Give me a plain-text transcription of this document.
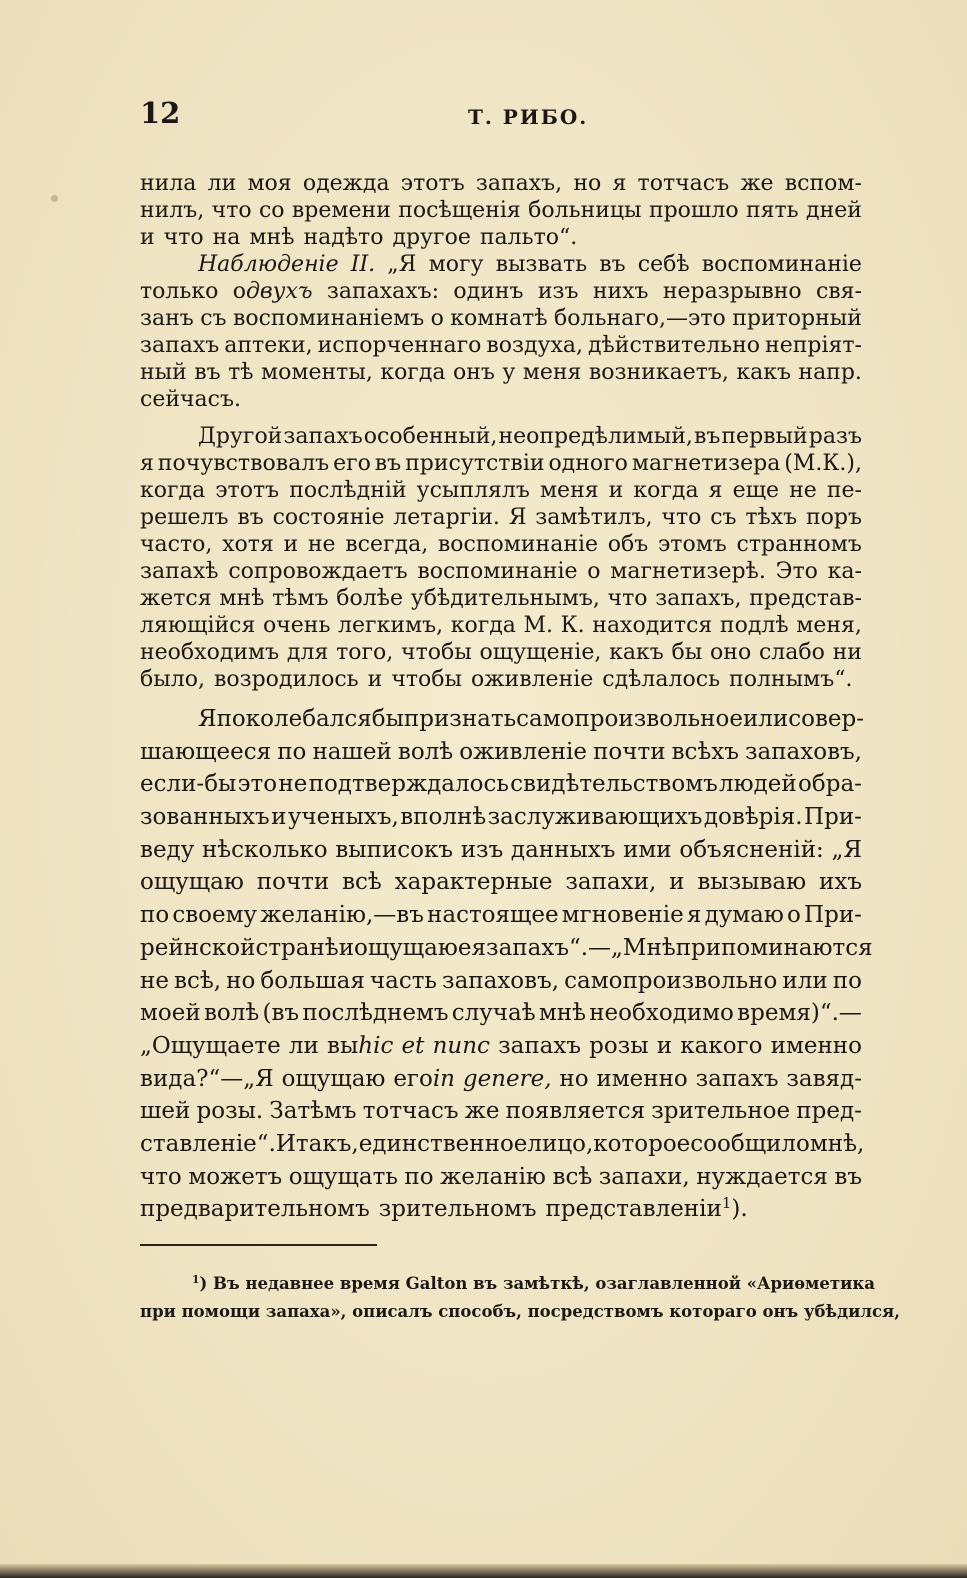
12	Т. РИБО.
нила ли моя одежда этотъ запахъ, но я тотчасъ же вспом-
нилъ, что со времени посѣщенія больницы прошло пять дней
и что на мнѣ надѣто другое пальто“.
Наблюденіе II. „Я могу вызвать въ себѣ воспоминаніе
только одвухъ запахахъ: одинъ изъ нихъ неразрывно свя-
занъ съ воспоминаніемъ о комнатѣ больнаго,—это приторный
запахъ аптеки, испорченнаго воздуха, дѣйствительно непріят-
ный въ тѣ моменты, когда онъ у меня возникаетъ, какъ напр.
сейчасъ.
Другой запахъ особенный, неопредѣлимый, въ первый разъ
я почувствовалъ его въ присутствіи одного магнетизера (М.К.),
когда этотъ послѣдній усыплялъ меня и когда я еще не пе-
решелъ въ состояніе летаргіи. Я замѣтилъ, что съ тѣхъ поръ
часто, хотя и не всегда, воспоминаніе объ этомъ странномъ
запахѣ сопровождаетъ воспоминаніе о магнетизерѣ. Это ка-
жется мнѣ тѣмъ болѣе убѣдительнымъ, что запахъ, представ-
ляющійся очень легкимъ, когда М. К. находится подлѣ меня,
необходимъ для того, чтобы ощущеніе, какъ бы оно слабо ни
было, возродилось и чтобы оживленіе сдѣлалось полнымъ“.
Я поколебался бы признать самопроизвольное или совер-
шающееся по нашей волѣ оживленіе почти всѣхъ запаховъ,
если-бы это не подтверждалось свидѣтельствомъ людей обра-
зованныхъ и ученыхъ, вполнѣ заслуживающихъ довѣрія. При-
веду нѣсколько выписокъ изъ данныхъ ими объясненій: „Я
ощущаю почти всѣ характерные запахи, и вызываю ихъ
по своему желанію,—въ настоящее мгновеніе я думаю о При-
рейнской странѣ и ощущаю ея запахъ“.—„Мнѣ припоминаются
не всѣ, но большая часть запаховъ, самопроизвольно или по
моей волѣ (въ послѣднемъ случаѣ мнѣ необходимо время)“.—
„Ощущаете ли выhic et nunc запахъ розы и какого именно
вида?“—„Я ощущаю егоin genere, но именно запахъ завяд-
шей розы. Затѣмъ тотчасъ же появляется зрительное пред-
ставленіе“. Итакъ, единственное лицо, которое сообщило мнѣ,
что можетъ ощущать по желанію всѣ запахи, нуждается въ
предварительномъ зрительномъ представленіи$^1$).
$^1$) Въ недавнее время Galton въ замѣткѣ, озаглавленной «Ариѳметика
при помощи запаха», описалъ способъ, посредствомъ котораго онъ убѣдился,
